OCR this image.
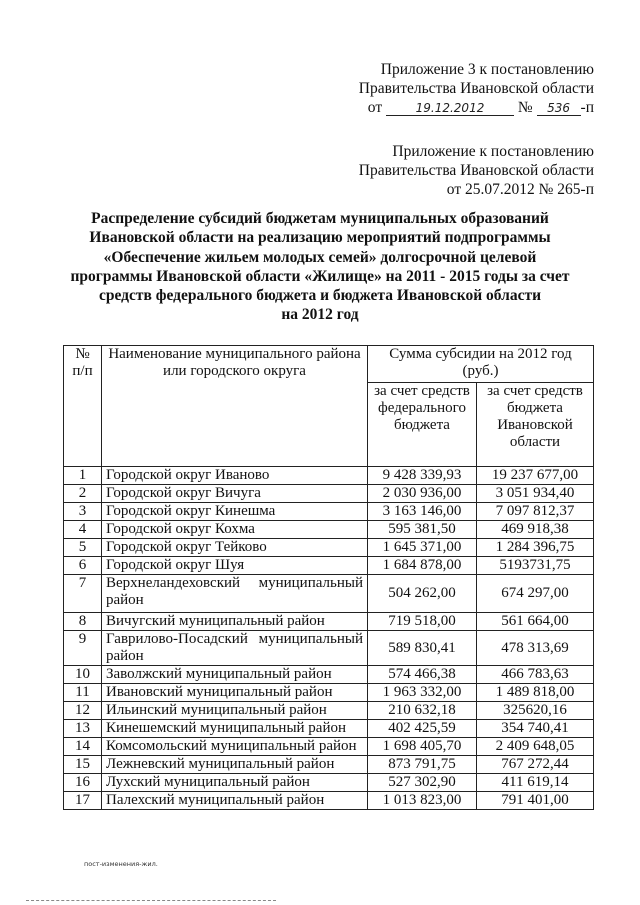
Приложение 3 к постановлению
Правительства Ивановской области
от	19.12.2012 № 536 -п
Приложение к постановлению
Правительства Ивановской области
от 25.07.2012 № 265-п
Распределение субсидий бюджетам муниципальных образований
Ивановской области на реализацию мероприятий подпрограммы
«Обеспечение жильем молодых семей» долгосрочной целевой
программы Ивановской области «Жилище» на 2011 - 2015 годы за счет
средств федерального бюджета и бюджета Ивановской области
на 2012 год
№ п/п	Наименование муниципального района или городского округа	Сумма субсидии на 2012 год (руб.)	
		за счет средств федерального бюджета	за счет средств бюджета Ивановской области
1	Городской округ Иваново	9 428 339,93	19 237 677,00
2	Городской округ Вичуга	2 030 936,00	3 051 934,40
3	Городской округ Кинешма	3 163 146,00	7 097 812,37
4	Городской округ Кохма	595 381,50	469 918,38
5	Городской округ Тейково	1 645 371,00	1 284 396,75
6	Городской округ Шуя	1 684 878,00	5193731,75
7	Верхнеландеховский муниципальный район	504 262,00	674 297,00
8	Вичугский муниципальный район	719 518,00	561 664,00
9	Гаврилово-Посадский муниципальный район	589 830,41	478 313,69
10	Заволжский муниципальный район	574 466,38	466 783,63
11	Ивановский муниципальный район	1 963 332,00	1 489 818,00
12	Ильинский муниципальный район	210 632,18	325620,16
13	Кинешемский муниципальный район	402 425,59	354 740,41
14	Комсомольский муниципальный район	1 698 405,70	2 409 648,05
15	Лежневский муниципальный район	873 791,75	767 272,44
16	Лухский муниципальный район	527 302,90	411 619,14
17	Палехский муниципальный район	1 013 823,00	791 401,00
пост-изменения-жил.
